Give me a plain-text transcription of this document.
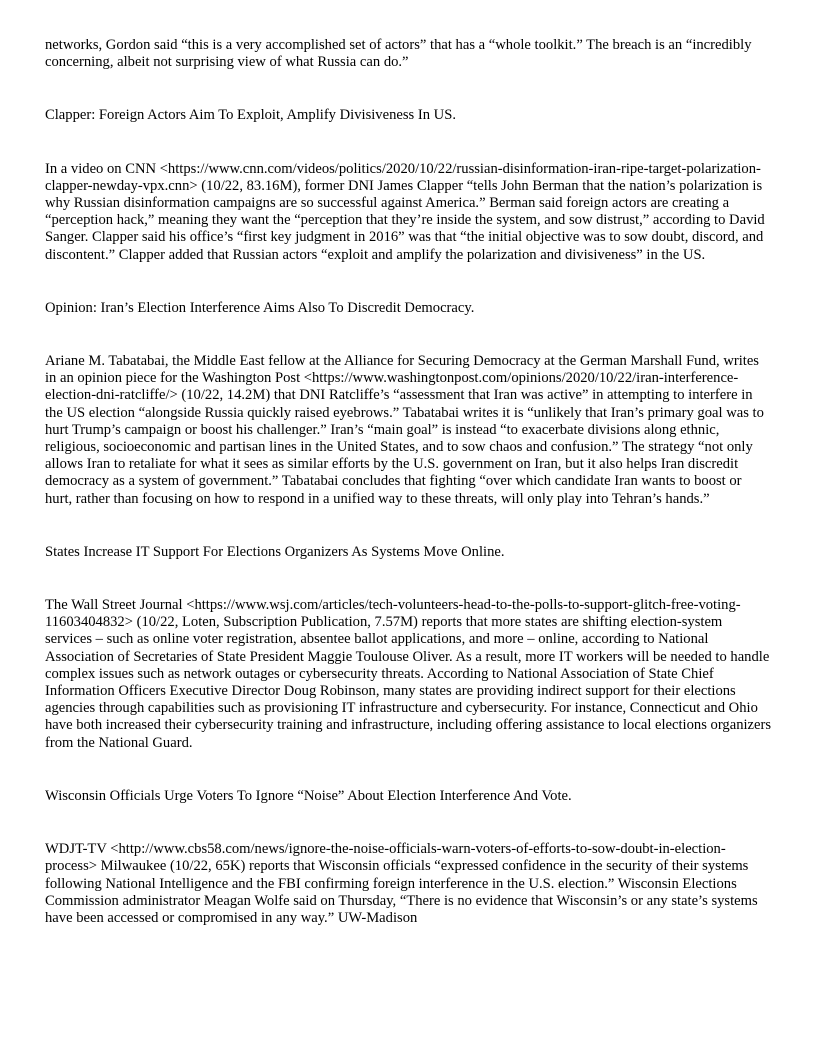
networks, Gordon said “this is a very accomplished set of actors” that has a “whole toolkit.” The breach is an “incredibly concerning, albeit not surprising view of what Russia can do.”

Clapper: Foreign Actors Aim To Exploit, Amplify Divisiveness In US.

In a video on CNN <https://www.cnn.com/videos/politics/2020/10/22/russian-disinformation-iran-ripe-target-polarization-clapper-newday-vpx.cnn> (10/22, 83.16M), former DNI James Clapper “tells John Berman that the nation’s polarization is why Russian disinformation campaigns are so successful against America.” Berman said foreign actors are creating a “perception hack,” meaning they want the “perception that they’re inside the system, and sow distrust,” according to David Sanger. Clapper said his office’s “first key judgment in 2016” was that “the initial objective was to sow doubt, discord, and discontent.” Clapper added that Russian actors “exploit and amplify the polarization and divisiveness” in the US.

Opinion: Iran’s Election Interference Aims Also To Discredit Democracy.

Ariane M. Tabatabai, the Middle East fellow at the Alliance for Securing Democracy at the German Marshall Fund, writes in an opinion piece for the Washington Post <https://www.washingtonpost.com/opinions/2020/10/22/iran-interference-election-dni-ratcliffe/> (10/22, 14.2M) that DNI Ratcliffe’s “assessment that Iran was active” in attempting to interfere in the US election “alongside Russia quickly raised eyebrows.” Tabatabai writes it is “unlikely that Iran’s primary goal was to hurt Trump’s campaign or boost his challenger.” Iran’s “main goal” is instead “to exacerbate divisions along ethnic, religious, socioeconomic and partisan lines in the United States, and to sow chaos and confusion.” The strategy “not only allows Iran to retaliate for what it sees as similar efforts by the U.S. government on Iran, but it also helps Iran discredit democracy as a system of government.” Tabatabai concludes that fighting “over which candidate Iran wants to boost or hurt, rather than focusing on how to respond in a unified way to these threats, will only play into Tehran’s hands.”

States Increase IT Support For Elections Organizers As Systems Move Online.

The Wall Street Journal <https://www.wsj.com/articles/tech-volunteers-head-to-the-polls-to-support-glitch-free-voting-11603404832> (10/22, Loten, Subscription Publication, 7.57M) reports that more states are shifting election-system services – such as online voter registration, absentee ballot applications, and more – online, according to National Association of Secretaries of State President Maggie Toulouse Oliver. As a result, more IT workers will be needed to handle complex issues such as network outages or cybersecurity threats. According to National Association of State Chief Information Officers Executive Director Doug Robinson, many states are providing indirect support for their elections agencies through capabilities such as provisioning IT infrastructure and cybersecurity. For instance, Connecticut and Ohio have both increased their cybersecurity training and infrastructure, including offering assistance to local elections organizers from the National Guard.

Wisconsin Officials Urge Voters To Ignore “Noise” About Election Interference And Vote.

WDJT-TV <http://www.cbs58.com/news/ignore-the-noise-officials-warn-voters-of-efforts-to-sow-doubt-in-election-process> Milwaukee (10/22, 65K) reports that Wisconsin officials “expressed confidence in the security of their systems following National Intelligence and the FBI confirming foreign interference in the U.S. election.” Wisconsin Elections Commission administrator Meagan Wolfe said on Thursday, “There is no evidence that Wisconsin’s or any state’s systems have been accessed or compromised in any way.” UW-Madison
